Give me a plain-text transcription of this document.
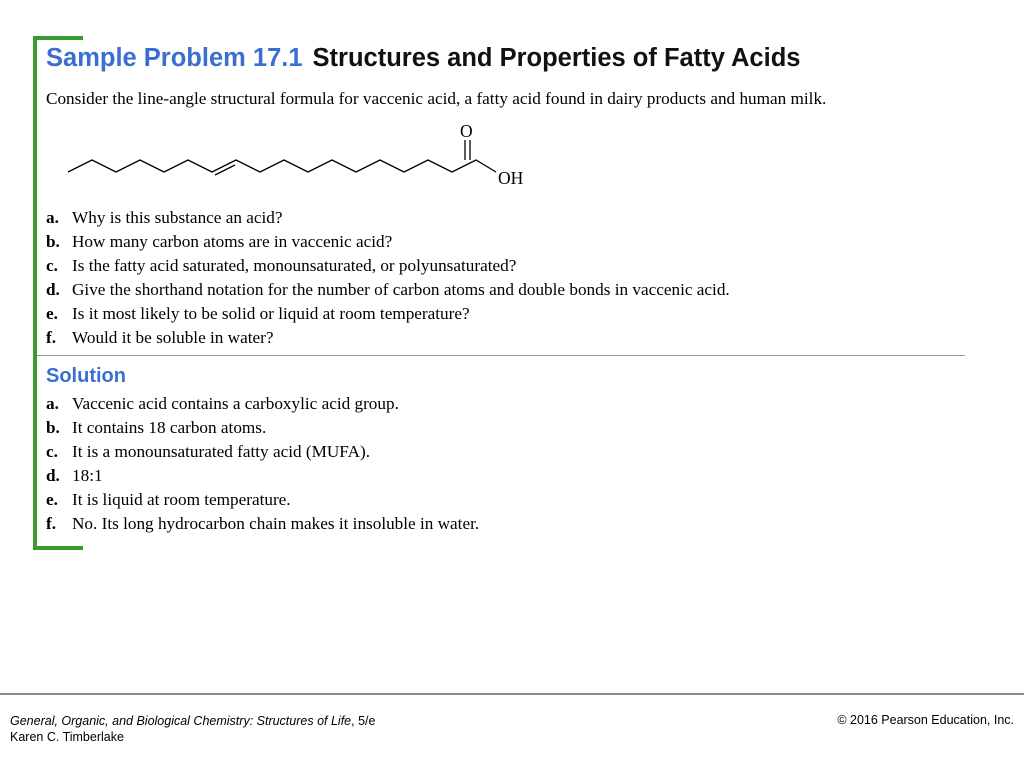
Sample Problem 17.1 Structures and Properties of Fatty Acids
Consider the line-angle structural formula for vaccenic acid, a fatty acid found in dairy products and human milk.
O
OH
a. Why is this substance an acid?
b. How many carbon atoms are in vaccenic acid?
c. Is the fatty acid saturated, monounsaturated, or polyunsaturated?
d. Give the shorthand notation for the number of carbon atoms and double bonds in vaccenic acid.
e. Is it most likely to be solid or liquid at room temperature?
f. Would it be soluble in water?
Solution
a. Vaccenic acid contains a carboxylic acid group.
b. It contains 18 carbon atoms.
c. It is a monounsaturated fatty acid (MUFA).
d. 18:1
e. It is liquid at room temperature.
f. No. Its long hydrocarbon chain makes it insoluble in water.
General, Organic, and Biological Chemistry: Structures of Life, 5/e
Karen C. Timberlake
© 2016 Pearson Education, Inc.
